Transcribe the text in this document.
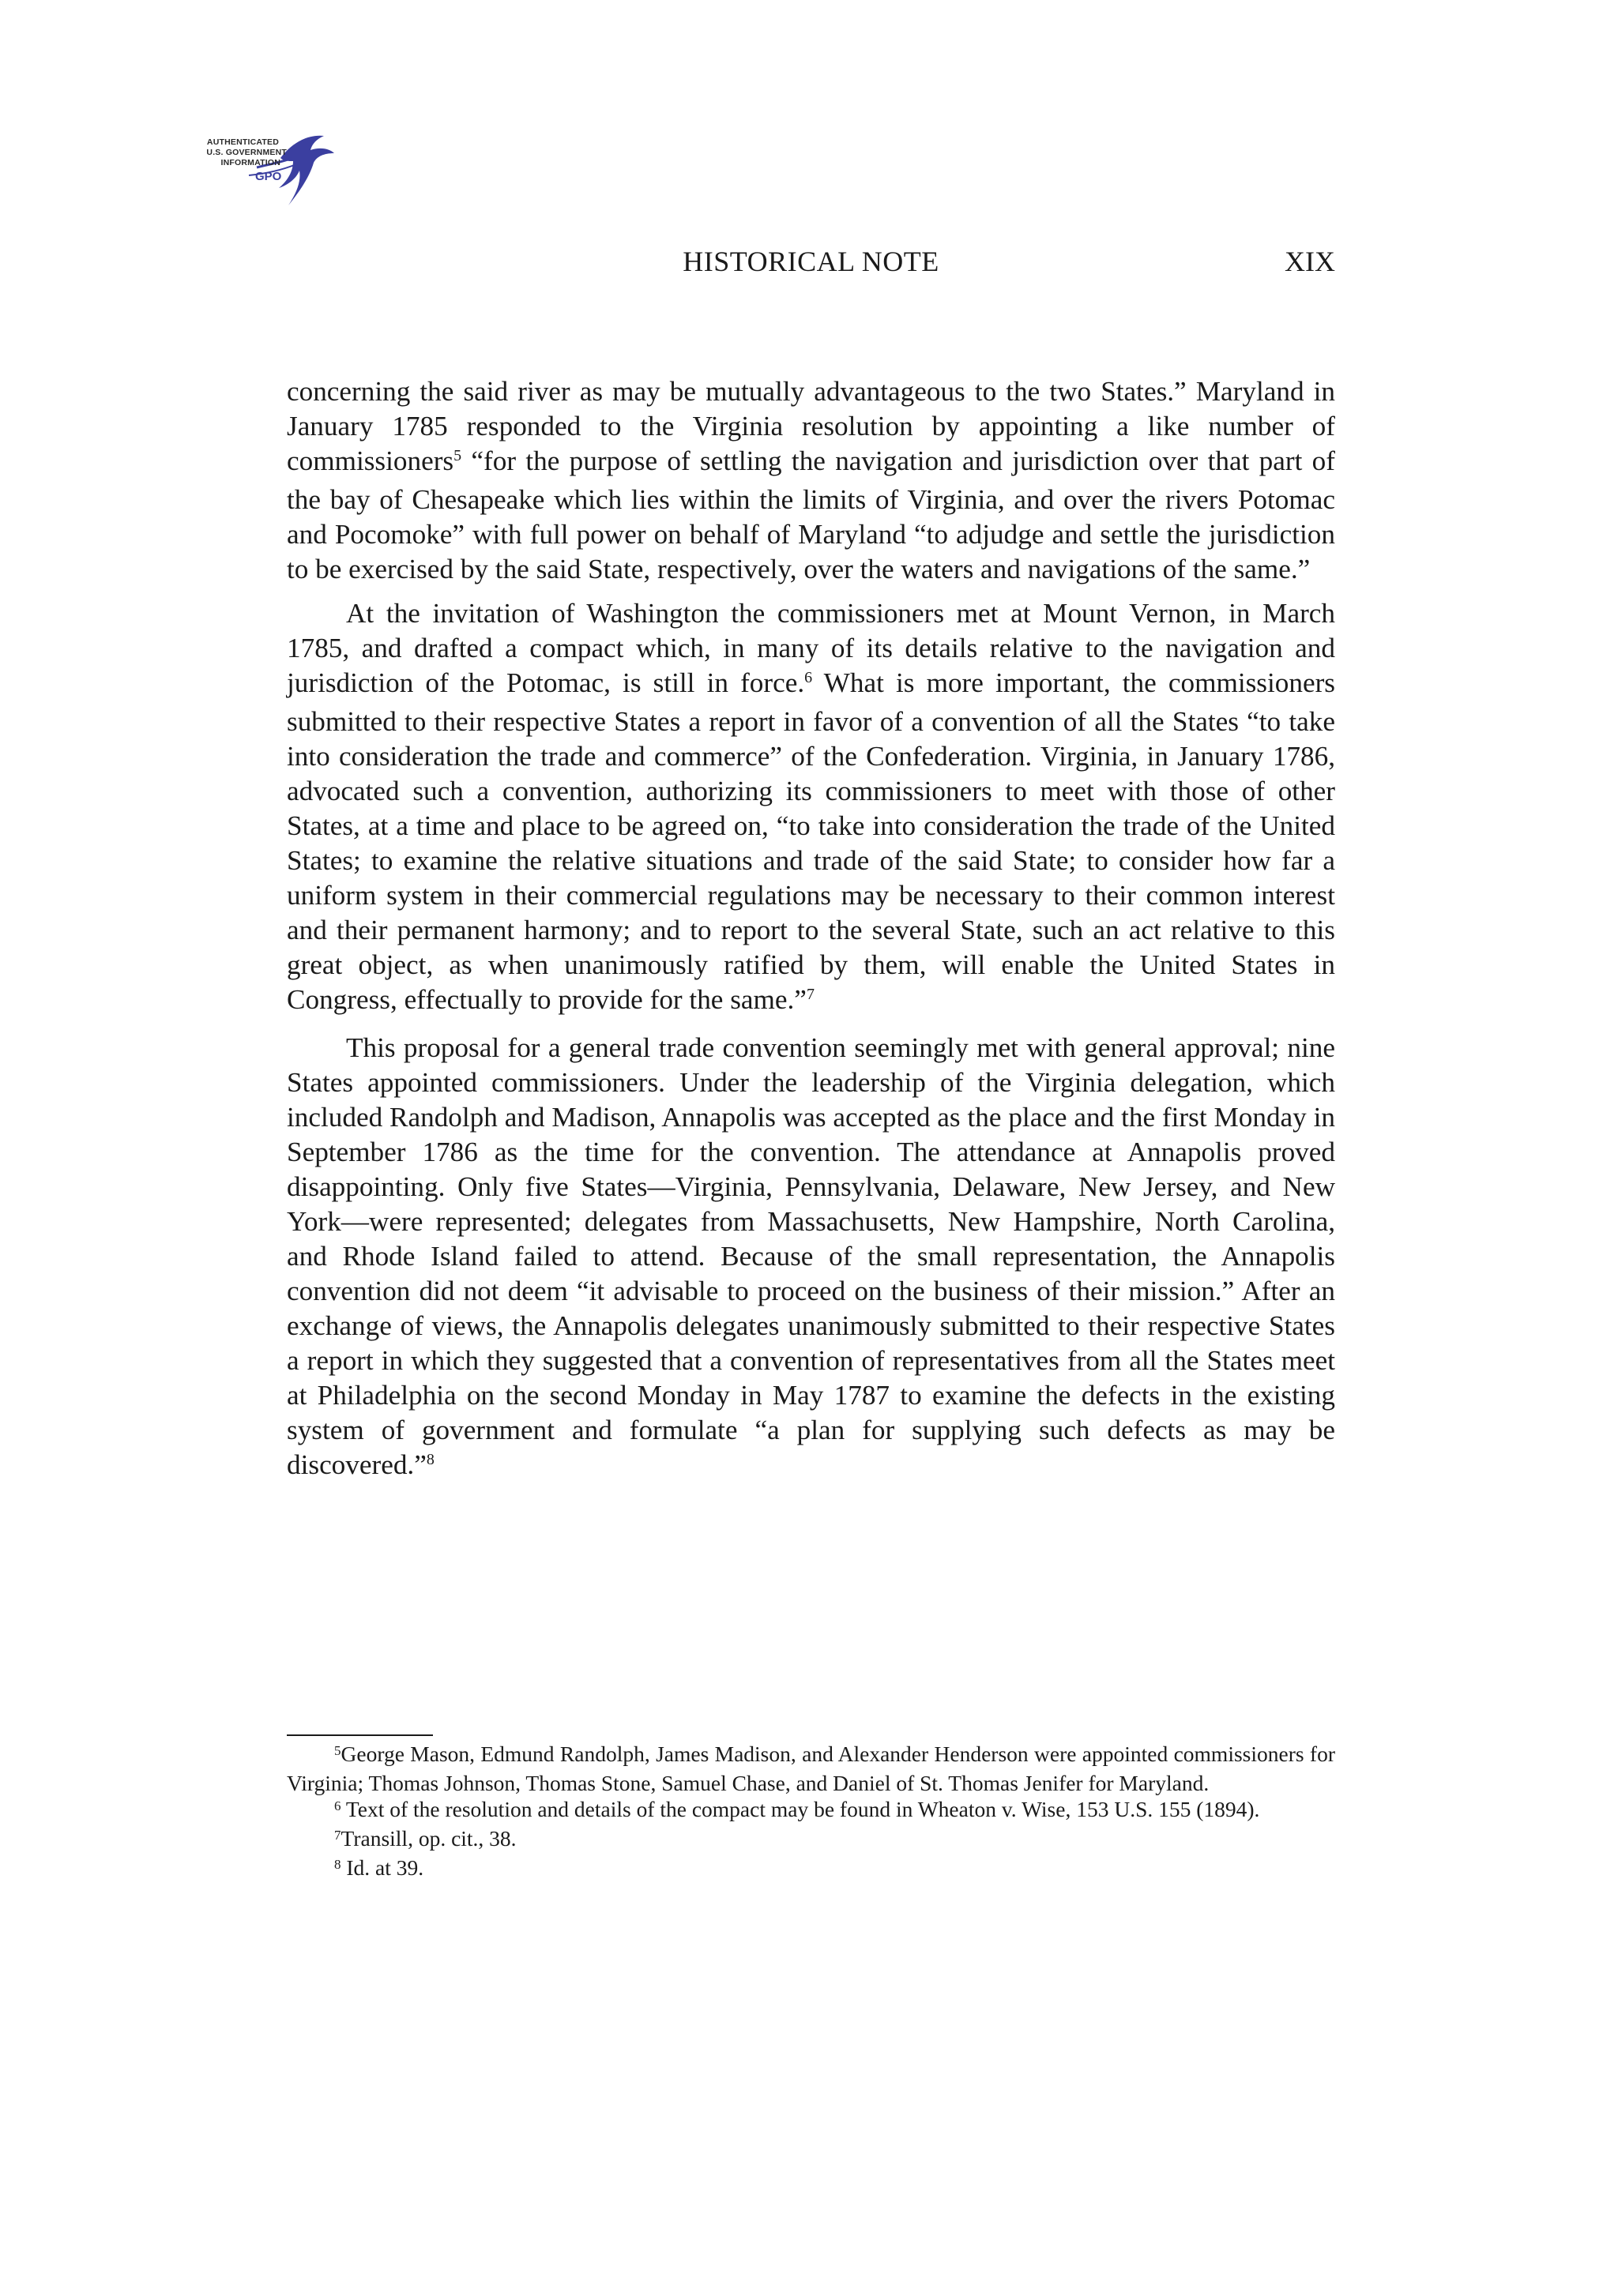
AUTHENTICATED
U.S. GOVERNMENT
INFORMATION
GPO
HISTORICAL NOTE	XIX

concerning the said river as may be mutually advantageous to the two States.” Maryland in January 1785 responded to the Virginia resolution by appointing a like number of commissioners$^5$ “for the purpose of settling the navigation and jurisdiction over that part of the bay of Chesapeake which lies within the limits of Virginia, and over the rivers Potomac and Pocomoke” with full power on behalf of Maryland “to adjudge and settle the jurisdiction to be exercised by the said State, respectively, over the waters and navigations of the same.”

At the invitation of Washington the commissioners met at Mount Vernon, in March 1785, and drafted a compact which, in many of its details relative to the navigation and jurisdiction of the Potomac, is still in force.$^6$ What is more important, the commissioners submitted to their respective States a report in favor of a convention of all the States “to take into consideration the trade and commerce” of the Confederation. Virginia, in January 1786, advocated such a convention, authorizing its commissioners to meet with those of other States, at a time and place to be agreed on, “to take into consideration the trade of the United States; to examine the relative situations and trade of the said State; to consider how far a uniform system in their commercial regulations may be necessary to their common interest and their permanent harmony; and to report to the several State, such an act relative to this great object, as when unanimously ratified by them, will enable the United States in Congress, effectually to provide for the same.”$^7$

This proposal for a general trade convention seemingly met with general approval; nine States appointed commissioners. Under the leadership of the Virginia delegation, which included Randolph and Madison, Annapolis was accepted as the place and the first Monday in September 1786 as the time for the convention. The attendance at Annapolis proved disappointing. Only five States—Virginia, Pennsylvania, Delaware, New Jersey, and New York—were represented; delegates from Massachusetts, New Hampshire, North Carolina, and Rhode Island failed to attend. Because of the small representation, the Annapolis convention did not deem “it advisable to proceed on the business of their mission.” After an exchange of views, the Annapolis delegates unanimously submitted to their respective States a report in which they suggested that a convention of representatives from all the States meet at Philadelphia on the second Monday in May 1787 to examine the defects in the existing system of government and formulate “a plan for supplying such defects as may be discovered.”$^8$

$^5$George Mason, Edmund Randolph, James Madison, and Alexander Henderson were appointed commissioners for Virginia; Thomas Johnson, Thomas Stone, Samuel Chase, and Daniel of St. Thomas Jenifer for Maryland.

$^6$ Text of the resolution and details of the compact may be found in Wheaton v. Wise, 153 U.S. 155 (1894).

$^7$Transill, op. cit., 38.

$^8$ Id. at 39.
